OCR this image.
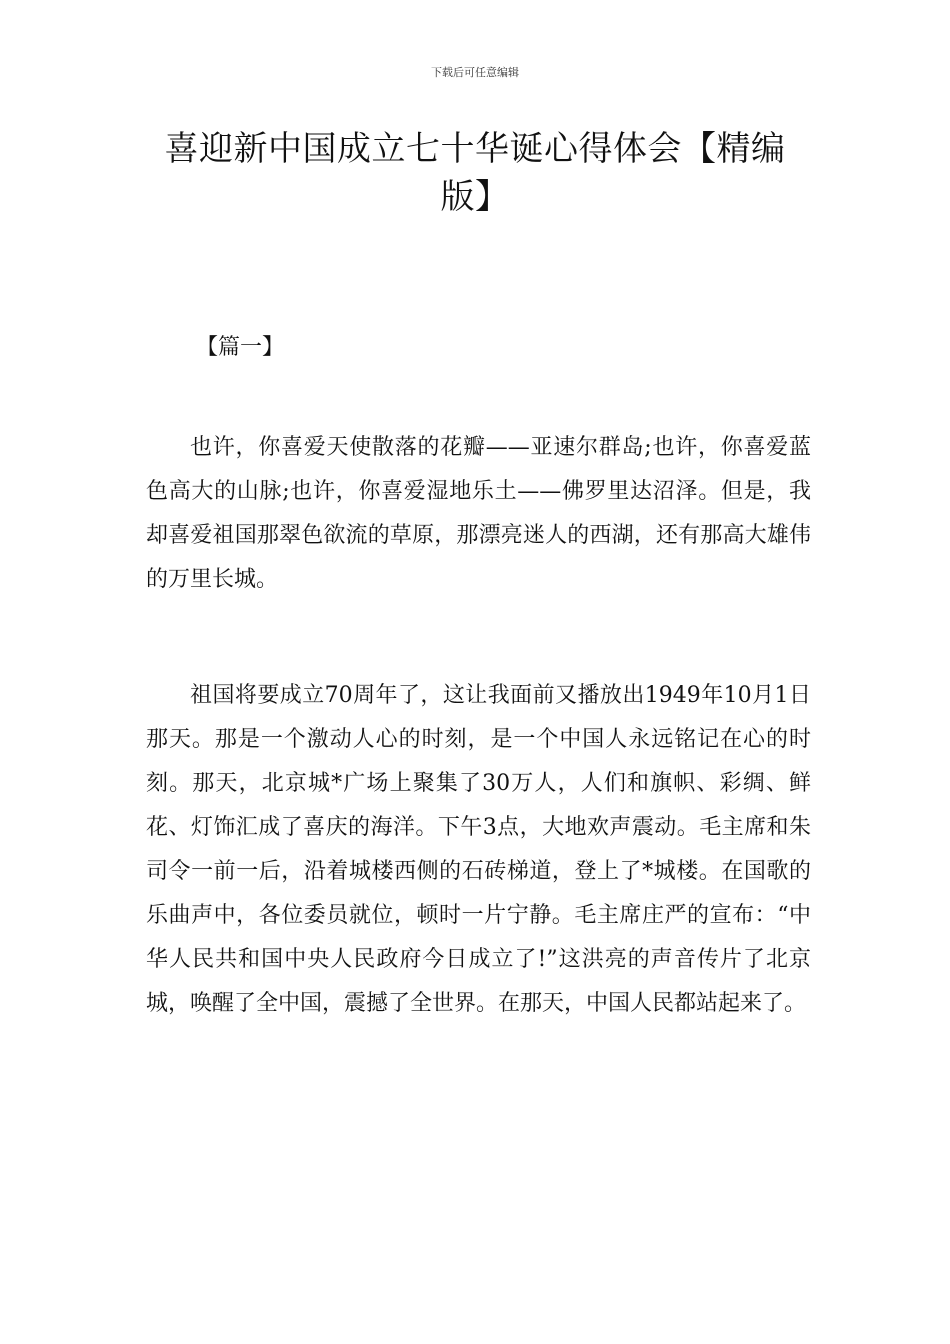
下载后可任意编辑
喜迎新中国成立七十华诞心得体会【精编版】
【篇一】

也许，你喜爱天使散落的花瓣——亚速尔群岛;也许，你喜爱蓝色高大的山脉;也许，你喜爱湿地乐土——佛罗里达沼泽。但是，我却喜爱祖国那翠色欲流的草原，那漂亮迷人的西湖，还有那高大雄伟的万里长城。

祖国将要成立70周年了，这让我面前又播放出1949年10月1日那天。那是一个激动人心的时刻，是一个中国人永远铭记在心的时刻。那天，北京城*广场上聚集了30万人，人们和旗帜、彩绸、鲜花、灯饰汇成了喜庆的海洋。下午3点，大地欢声震动。毛主席和朱司令一前一后，沿着城楼西侧的石砖梯道，登上了*城楼。在国歌的乐曲声中，各位委员就位，顿时一片宁静。毛主席庄严的宣布：“中华人民共和国中央人民政府今日成立了!”这洪亮的声音传片了北京城，唤醒了全中国，震撼了全世界。在那天，中国人民都站起来了。
